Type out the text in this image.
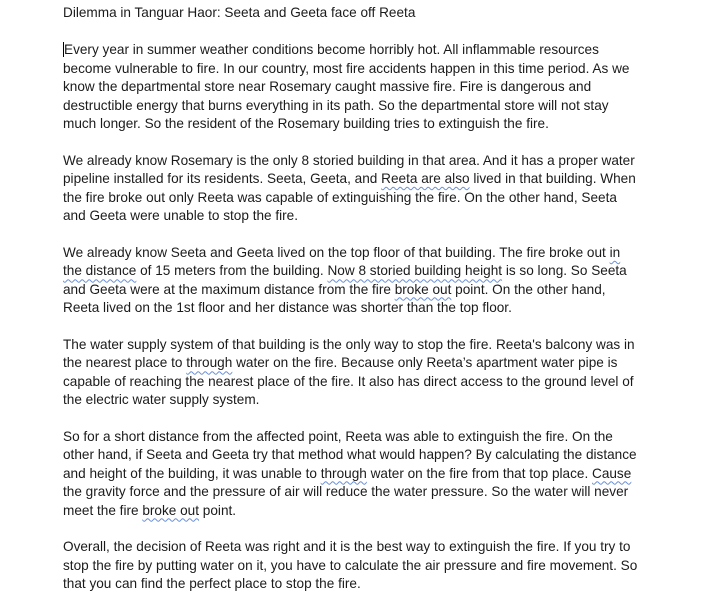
Dilemma in Tanguar Haor: Seeta and Geeta face off Reeta
Every year in summer weather conditions become horribly hot. All inflammable resources
become vulnerable to fire. In our country, most fire accidents happen in this time period. As we
know the departmental store near Rosemary caught massive fire. Fire is dangerous and
destructible energy that burns everything in its path. So the departmental store will not stay
much longer. So the resident of the Rosemary building tries to extinguish the fire.
We already know Rosemary is the only 8 storied building in that area. And it has a proper water
pipeline installed for its residents. Seeta, Geeta, and Reeta are also lived in that building. When
the fire broke out only Reeta was capable of extinguishing the fire. On the other hand, Seeta
and Geeta were unable to stop the fire.
We already know Seeta and Geeta lived on the top floor of that building. The fire broke out in
the distance of 15 meters from the building. Now 8 storied building height is so long. So Seeta
and Geeta were at the maximum distance from the fire broke out point. On the other hand,
Reeta lived on the 1st floor and her distance was shorter than the top floor.
The water supply system of that building is the only way to stop the fire. Reeta's balcony was in
the nearest place to through water on the fire. Because only Reeta’s apartment water pipe is
capable of reaching the nearest place of the fire. It also has direct access to the ground level of
the electric water supply system.
So for a short distance from the affected point, Reeta was able to extinguish the fire. On the
other hand, if Seeta and Geeta try that method what would happen? By calculating the distance
and height of the building, it was unable to through water on the fire from that top place. Cause
the gravity force and the pressure of air will reduce the water pressure. So the water will never
meet the fire broke out point.
Overall, the decision of Reeta was right and it is the best way to extinguish the fire. If you try to
stop the fire by putting water on it, you have to calculate the air pressure and fire movement. So
that you can find the perfect place to stop the fire.
